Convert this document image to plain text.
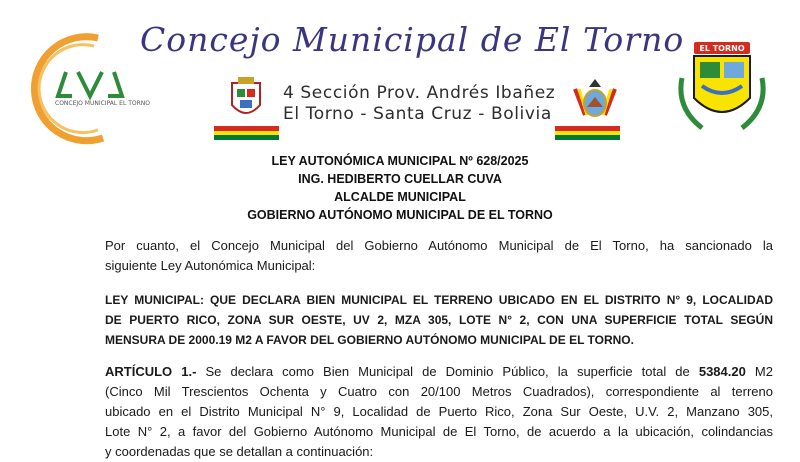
CONCEJO MUNICIPAL EL TORNO
Concejo Municipal de El Torno
4 Sección Prov. Andrés Ibañez
El Torno - Santa Cruz - Bolivia
EL TORNO
LEY AUTONÓMICA MUNICIPAL Nº 628/2025
ING. HEDIBERTO CUELLAR CUVA
ALCALDE MUNICIPAL
GOBIERNO AUTÓNOMO MUNICIPAL DE EL TORNO
Por cuanto, el Concejo Municipal del Gobierno Autónomo Municipal de El Torno, ha sancionado la
siguiente Ley Autonómica Municipal:
LEY MUNICIPAL: QUE DECLARA BIEN MUNICIPAL EL TERRENO UBICADO EN EL DISTRITO N° 9, LOCALIDAD
DE PUERTO RICO, ZONA SUR OESTE, UV 2, MZA 305, LOTE N° 2, CON UNA SUPERFICIE TOTAL SEGÚN
MENSURA DE 2000.19 M2 A FAVOR DEL GOBIERNO AUTÓNOMO MUNICIPAL DE EL TORNO.
ARTÍCULO 1.- Se declara como Bien Municipal de Dominio Público, la superficie total de 5384.20 M2
(Cinco Mil Trescientos Ochenta y Cuatro con 20/100 Metros Cuadrados), correspondiente al terreno
ubicado en el Distrito Municipal N° 9, Localidad de Puerto Rico, Zona Sur Oeste, U.V. 2, Manzano 305,
Lote N° 2, a favor del Gobierno Autónomo Municipal de El Torno, de acuerdo a la ubicación, colindancias
y coordenadas que se detallan a continuación:
